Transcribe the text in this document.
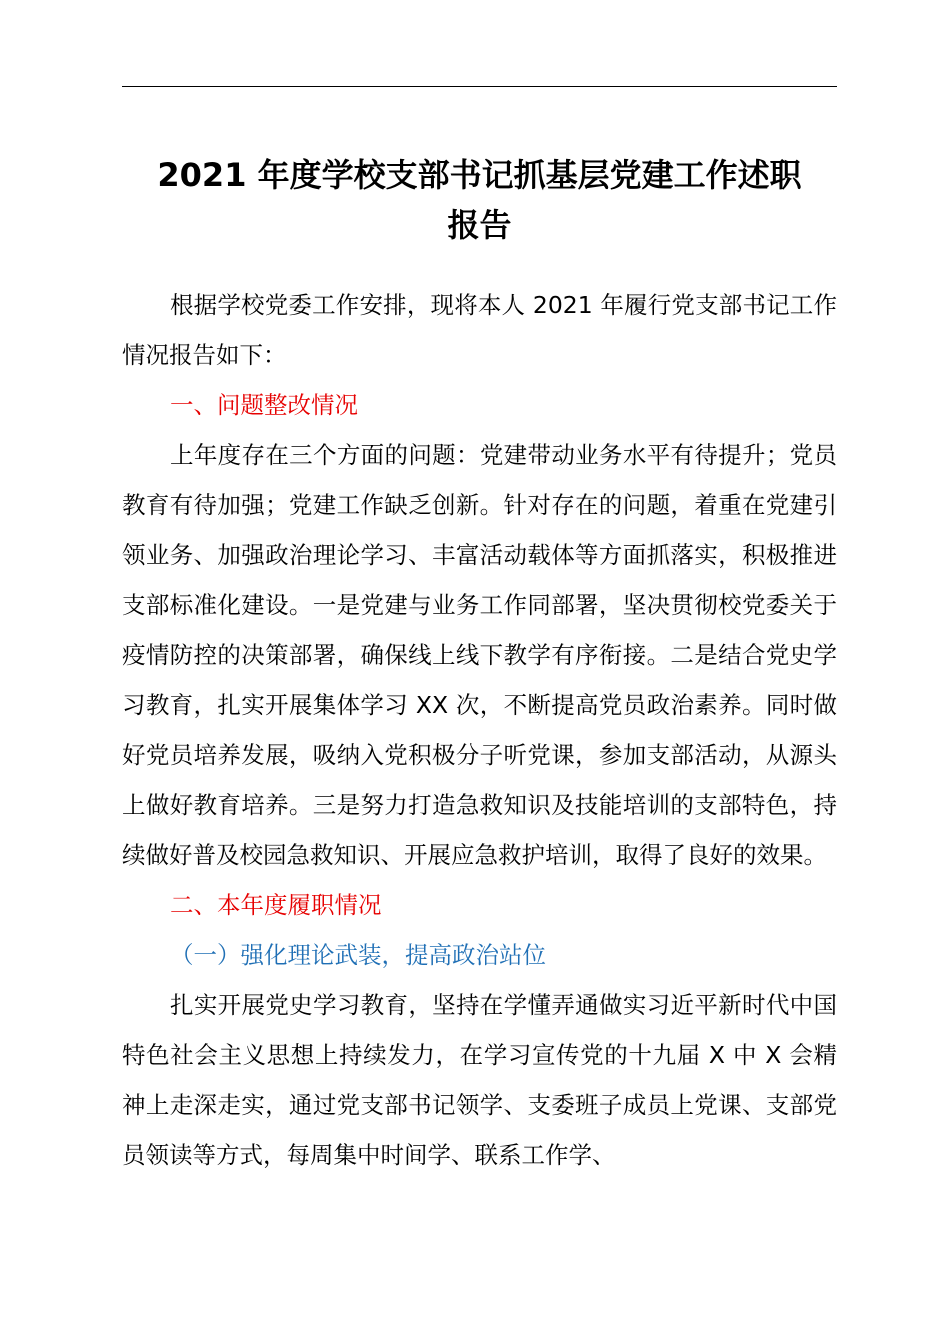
2021 年度学校支部书记抓基层党建工作述职
报告

根据学校党委工作安排，现将本人 2021 年履行党支部书记工作情况报告如下：

一、问题整改情况

上年度存在三个方面的问题：党建带动业务水平有待提升；党员教育有待加强；党建工作缺乏创新。针对存在的问题，着重在党建引领业务、加强政治理论学习、丰富活动载体等方面抓落实，积极推进支部标准化建设。一是党建与业务工作同部署，坚决贯彻校党委关于疫情防控的决策部署，确保线上线下教学有序衔接。二是结合党史学习教育，扎实开展集体学习 XX 次，不断提高党员政治素养。同时做好党员培养发展，吸纳入党积极分子听党课，参加支部活动，从源头上做好教育培养。三是努力打造急救知识及技能培训的支部特色，持续做好普及校园急救知识、开展应急救护培训，取得了良好的效果。

二、本年度履职情况

（一）强化理论武装，提高政治站位

扎实开展党史学习教育，坚持在学懂弄通做实习近平新时代中国特色社会主义思想上持续发力，在学习宣传党的十九届 X 中 X 会精神上走深走实，通过党支部书记领学、支委班子成员上党课、支部党员领读等方式，每周集中时间学、联系工作学、
